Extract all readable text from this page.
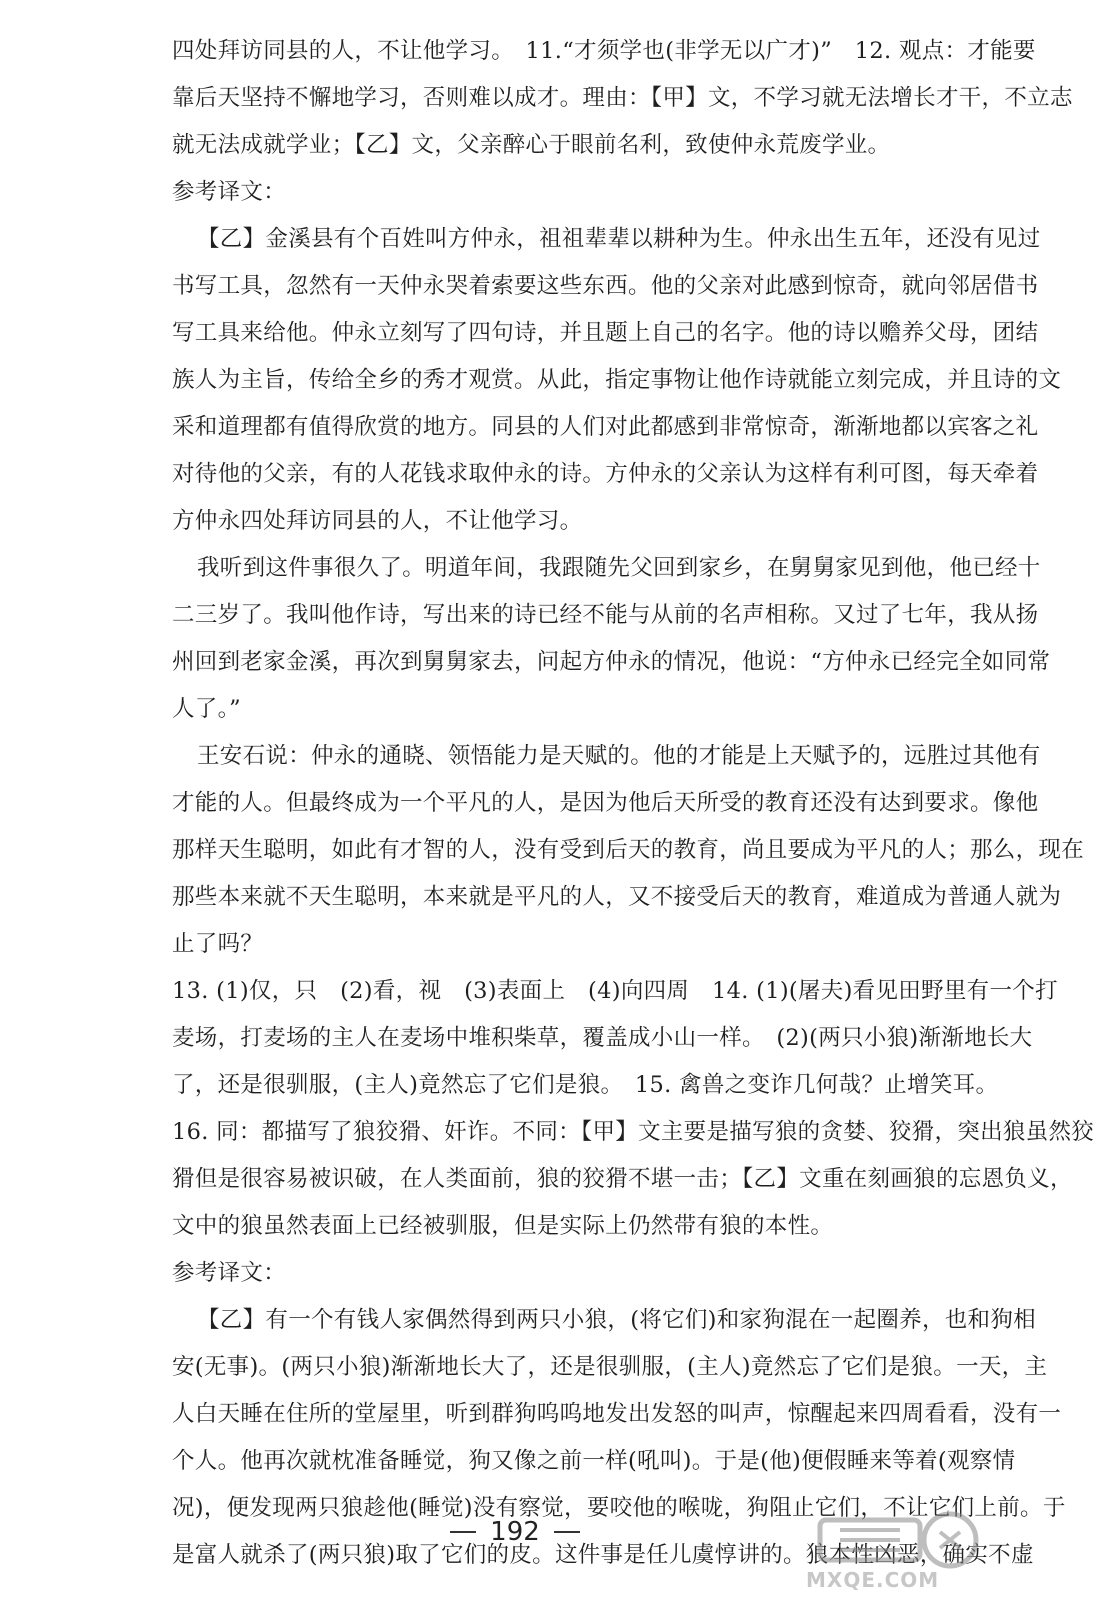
四处拜访同县的人，不让他学习。　11.“才须学也(非学无以广才)”　12. 观点：才能要
靠后天坚持不懈地学习，否则难以成才。理由：【甲】文，不学习就无法增长才干，不立志
就无法成就学业；【乙】文，父亲醉心于眼前名利，致使仲永荒废学业。
参考译文：
【乙】金溪县有个百姓叫方仲永，祖祖辈辈以耕种为生。仲永出生五年，还没有见过
书写工具，忽然有一天仲永哭着索要这些东西。他的父亲对此感到惊奇，就向邻居借书
写工具来给他。仲永立刻写了四句诗，并且题上自己的名字。他的诗以赡养父母，团结
族人为主旨，传给全乡的秀才观赏。从此，指定事物让他作诗就能立刻完成，并且诗的文
采和道理都有值得欣赏的地方。同县的人们对此都感到非常惊奇，渐渐地都以宾客之礼
对待他的父亲，有的人花钱求取仲永的诗。方仲永的父亲认为这样有利可图，每天牵着
方仲永四处拜访同县的人，不让他学习。
我听到这件事很久了。明道年间，我跟随先父回到家乡，在舅舅家见到他，他已经十
二三岁了。我叫他作诗，写出来的诗已经不能与从前的名声相称。又过了七年，我从扬
州回到老家金溪，再次到舅舅家去，问起方仲永的情况，他说：“方仲永已经完全如同常
人了。”
王安石说：仲永的通晓、领悟能力是天赋的。他的才能是上天赋予的，远胜过其他有
才能的人。但最终成为一个平凡的人，是因为他后天所受的教育还没有达到要求。像他
那样天生聪明，如此有才智的人，没有受到后天的教育，尚且要成为平凡的人；那么，现在
那些本来就不天生聪明，本来就是平凡的人，又不接受后天的教育，难道成为普通人就为
止了吗？
13. (1)仅，只　(2)看，视　(3)表面上　(4)向四周　14. (1)(屠夫)看见田野里有一个打
麦场，打麦场的主人在麦场中堆积柴草，覆盖成小山一样。　(2)(两只小狼)渐渐地长大
了，还是很驯服，(主人)竟然忘了它们是狼。　15. 禽兽之变诈几何哉？止增笑耳。
16. 同：都描写了狼狡猾、奸诈。不同：【甲】文主要是描写狼的贪婪、狡猾，突出狼虽然狡
猾但是很容易被识破，在人类面前，狼的狡猾不堪一击；【乙】文重在刻画狼的忘恩负义，
文中的狼虽然表面上已经被驯服，但是实际上仍然带有狼的本性。
参考译文：
【乙】有一个有钱人家偶然得到两只小狼，(将它们)和家狗混在一起圈养，也和狗相
安(无事)。(两只小狼)渐渐地长大了，还是很驯服，(主人)竟然忘了它们是狼。一天，主
人白天睡在住所的堂屋里，听到群狗呜呜地发出发怒的叫声，惊醒起来四周看看，没有一
个人。他再次就枕准备睡觉，狗又像之前一样(吼叫)。于是(他)便假睡来等着(观察情
况)，便发现两只狼趁他(睡觉)没有察觉，要咬他的喉咙，狗阻止它们，不让它们上前。于
是富人就杀了(两只狼)取了它们的皮。这件事是任儿虞惇讲的。狼本性凶恶，确实不虚
192
MXQE.COM
